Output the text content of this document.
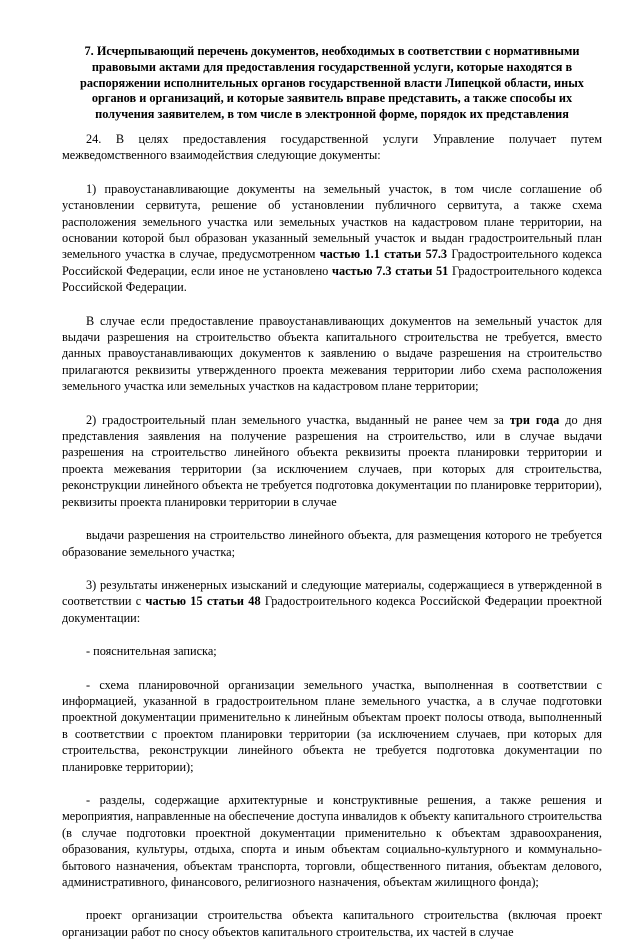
7. Исчерпывающий перечень документов, необходимых в соответствии с нормативными правовыми актами для предоставления государственной услуги, которые находятся в распоряжении исполнительных органов государственной власти Липецкой области, иных органов и организаций, и которые заявитель вправе представить, а также способы их получения заявителем, в том числе в электронной форме, порядок их представления

24. В целях предоставления государственной услуги Управление получает путем межведомственного взаимодействия следующие документы:

1) правоустанавливающие документы на земельный участок, в том числе соглашение об установлении сервитута, решение об установлении публичного сервитута, а также схема расположения земельного участка или земельных участков на кадастровом плане территории, на основании которой был образован указанный земельный участок и выдан градостроительный план земельного участка в случае, предусмотренном частью 1.1 статьи 57.3 Градостроительного кодекса Российской Федерации, если иное не установлено частью 7.3 статьи 51 Градостроительного кодекса Российской Федерации.

В случае если предоставление правоустанавливающих документов на земельный участок для выдачи разрешения на строительство объекта капитального строительства не требуется, вместо данных правоустанавливающих документов к заявлению о выдаче разрешения на строительство прилагаются реквизиты утвержденного проекта межевания территории либо схема расположения земельного участка или земельных участков на кадастровом плане территории;

2) градостроительный план земельного участка, выданный не ранее чем за три года до дня представления заявления на получение разрешения на строительство, или в случае выдачи разрешения на строительство линейного объекта реквизиты проекта планировки территории и проекта межевания территории (за исключением случаев, при которых для строительства, реконструкции линейного объекта не требуется подготовка документации по планировке территории), реквизиты проекта планировки территории в случае

выдачи разрешения на строительство линейного объекта, для размещения которого не требуется образование земельного участка;

3) результаты инженерных изысканий и следующие материалы, содержащиеся в утвержденной в соответствии с частью 15 статьи 48 Градостроительного кодекса Российской Федерации проектной документации:

- пояснительная записка;

- схема планировочной организации земельного участка, выполненная в соответствии с информацией, указанной в градостроительном плане земельного участка, а в случае подготовки проектной документации применительно к линейным объектам проект полосы отвода, выполненный в соответствии с проектом планировки территории (за исключением случаев, при которых для строительства, реконструкции линейного объекта не требуется подготовка документации по планировке территории);

- разделы, содержащие архитектурные и конструктивные решения, а также решения и мероприятия, направленные на обеспечение доступа инвалидов к объекту капитального строительства (в случае подготовки проектной документации применительно к объектам здравоохранения, образования, культуры, отдыха, спорта и иным объектам социально-культурного и коммунально-бытового назначения, объектам транспорта, торговли, общественного питания, объектам делового, административного, финансового, религиозного назначения, объектам жилищного фонда);

проект организации строительства объекта капитального строительства (включая проект организации работ по сносу объектов капитального строительства, их частей в случае
